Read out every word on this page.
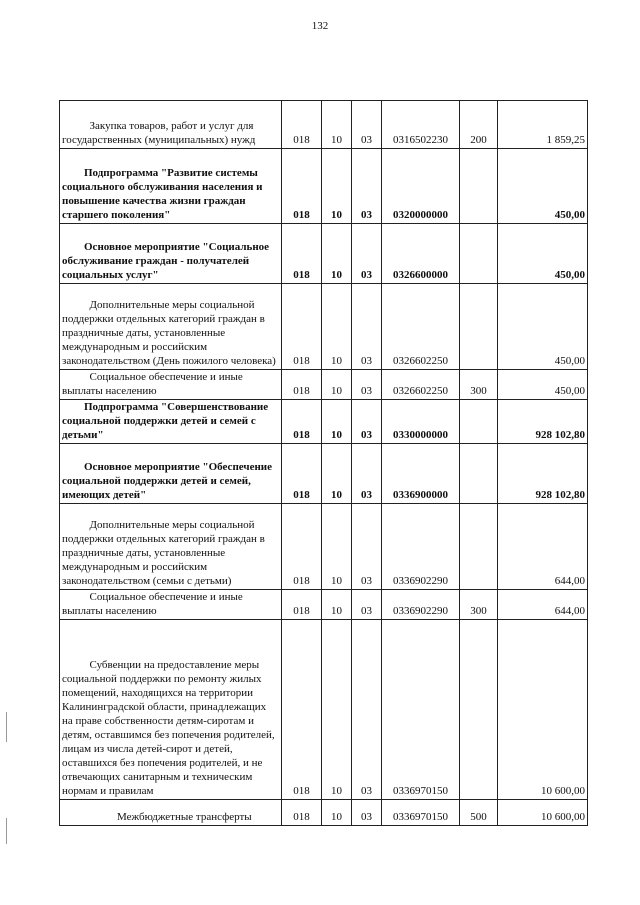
132
Закупка товаров, работ и услуг для государственных (муниципальных) нужд	018	10	03	0316502230	200	1 859,25

Подпрограмма "Развитие системы социального обслуживания населения и повышение качества жизни граждан старшего поколения"	018	10	03	0320000000		450,00

Основное мероприятие "Социальное обслуживание граждан - получателей социальных услуг"	018	10	03	0326600000		450,00

Дополнительные меры социальной поддержки отдельных категорий граждан в праздничные даты, установленные международным и российским законодательством (День пожилого человека)	018	10	03	0326602250		450,00

Социальное обеспечение и иные выплаты населению	018	10	03	0326602250	300	450,00

Подпрограмма "Совершенствование социальной поддержки детей и семей с детьми"	018	10	03	0330000000		928 102,80

Основное мероприятие "Обеспечение социальной поддержки детей и семей, имеющих детей"	018	10	03	0336900000		928 102,80

Дополнительные меры социальной поддержки отдельных категорий граждан в праздничные даты, установленные международным и российским законодательством (семьи с детьми)	018	10	03	0336902290		644,00

Социальное обеспечение и иные выплаты населению	018	10	03	0336902290	300	644,00

Субвенции на предоставление меры социальной поддержки по ремонту жилых помещений, находящихся на территории Калининградской области, принадлежащих на праве собственности детям-сиротам и детям, оставшимся без попечения родителей, лицам из числа детей-сирот и детей, оставшихся без попечения родителей, и не отвечающих санитарным и техническим нормам и правилам	018	10	03	0336970150		10 600,00

Межбюджетные трансферты	018	10	03	0336970150	500	10 600,00
